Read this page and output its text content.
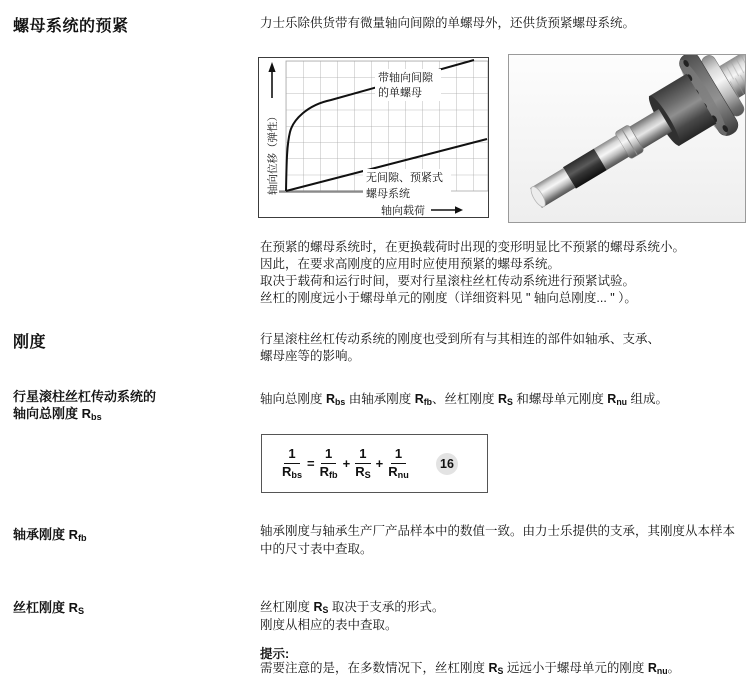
螺母系统的预紧	力士乐除供货带有微量轴向间隙的单螺母外，还供货预紧螺母系统。
轴向位移（弹性）
带轴向间隙
的单螺母
无间隙、预紧式
螺母系统
轴向载荷
在预紧的螺母系统时，在更换载荷时出现的变形明显比不预紧的螺母系统小。
因此，在要求高刚度的应用时应使用预紧的螺母系统。
取决于载荷和运行时间，要对行星滚柱丝杠传动系统进行预紧试验。
丝杠的刚度远小于螺母单元的刚度（详细资料见 " 轴向总刚度... " ）。
刚度	行星滚柱丝杠传动系统的刚度也受到所有与其相连的部件如轴承、支承、
螺母座等的影响。
行星滚柱丝杠传动系统的
轴向总刚度 $R_{bs}$
轴向总刚度 $R_{bs}$ 由轴承刚度 $R_{fb}$、丝杠刚度 $R_S$ 和螺母单元刚度 $R_{nu}$ 组成。
$\frac{1}{R_{bs}} = \frac{1}{R_{fb}} + \frac{1}{R_S} + \frac{1}{R_{nu}}$	16
轴承刚度 $R_{fb}$	轴承刚度与轴承生产厂产品样本中的数值一致。由力士乐提供的支承，其刚度从本样本
中的尺寸表中查取。
丝杠刚度 $R_S$	丝杠刚度 $R_S$ 取决于支承的形式。
刚度从相应的表中查取。
提示:
需要注意的是，在多数情况下，丝杠刚度 $R_S$ 远远小于螺母单元的刚度 $R_{nu}$。
